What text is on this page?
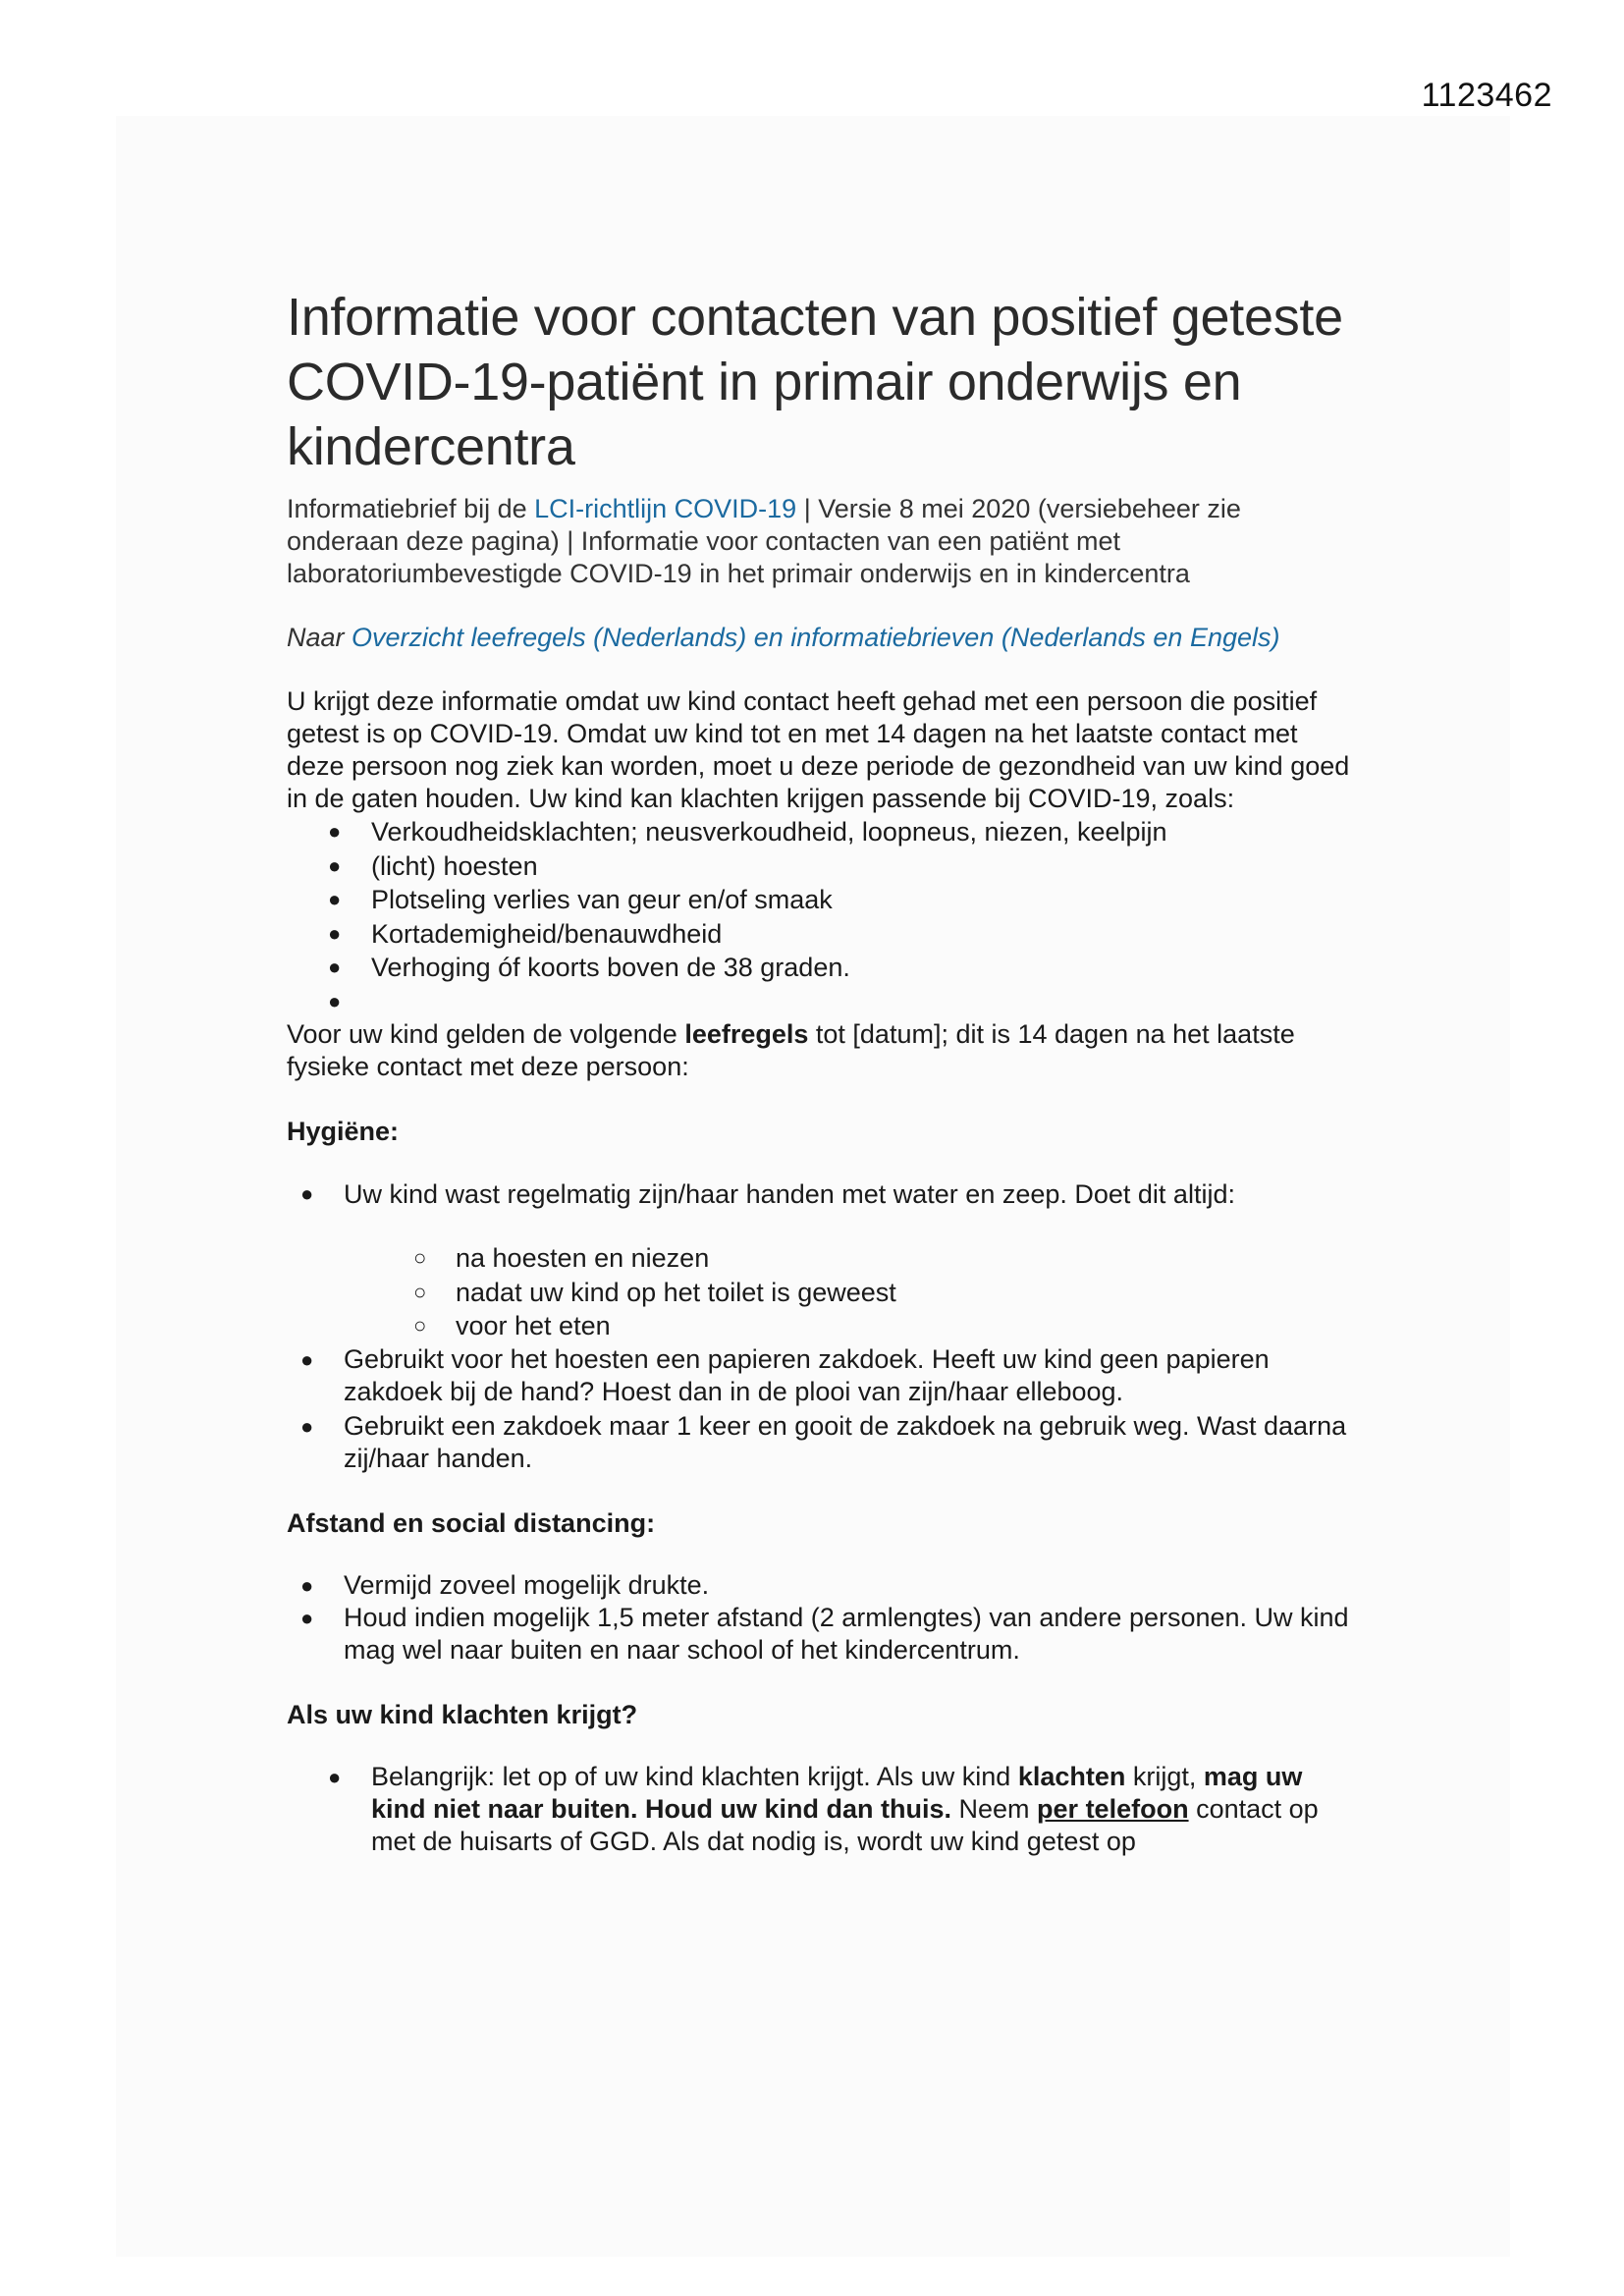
1123462
Informatie voor contacten van positief geteste COVID-19-patiënt in primair onderwijs en kindercentra
Informatiebrief bij de LCI-richtlijn COVID-19 | Versie 8 mei 2020 (versiebeheer zie onderaan deze pagina) | Informatie voor contacten van een patiënt met laboratoriumbevestigde COVID-19 in het primair onderwijs en in kindercentra
Naar Overzicht leefregels (Nederlands) en informatiebrieven (Nederlands en Engels)
U krijgt deze informatie omdat uw kind contact heeft gehad met een persoon die positief getest is op COVID-19. Omdat uw kind tot en met 14 dagen na het laatste contact met deze persoon nog ziek kan worden, moet u deze periode de gezondheid van uw kind goed in de gaten houden. Uw kind kan klachten krijgen passende bij COVID-19, zoals:
● Verkoudheidsklachten; neusverkoudheid, loopneus, niezen, keelpijn
● (licht) hoesten
● Plotseling verlies van geur en/of smaak
● Kortademigheid/benauwdheid
● Verhoging óf koorts boven de 38 graden.
●
Voor uw kind gelden de volgende leefregels tot [datum]; dit is 14 dagen na het laatste fysieke contact met deze persoon:
Hygiëne:
● Uw kind wast regelmatig zijn/haar handen met water en zeep. Doet dit altijd:
○ na hoesten en niezen
○ nadat uw kind op het toilet is geweest
○ voor het eten
● Gebruikt voor het hoesten een papieren zakdoek. Heeft uw kind geen papieren zakdoek bij de hand? Hoest dan in de plooi van zijn/haar elleboog.
● Gebruikt een zakdoek maar 1 keer en gooit de zakdoek na gebruik weg. Wast daarna zij/haar handen.
Afstand en social distancing:
● Vermijd zoveel mogelijk drukte.
● Houd indien mogelijk 1,5 meter afstand (2 armlengtes) van andere personen. Uw kind mag wel naar buiten en naar school of het kindercentrum.
Als uw kind klachten krijgt?
● Belangrijk: let op of uw kind klachten krijgt. Als uw kind klachten krijgt, mag uw kind niet naar buiten. Houd uw kind dan thuis. Neem per telefoon contact op met de huisarts of GGD. Als dat nodig is, wordt uw kind getest op
